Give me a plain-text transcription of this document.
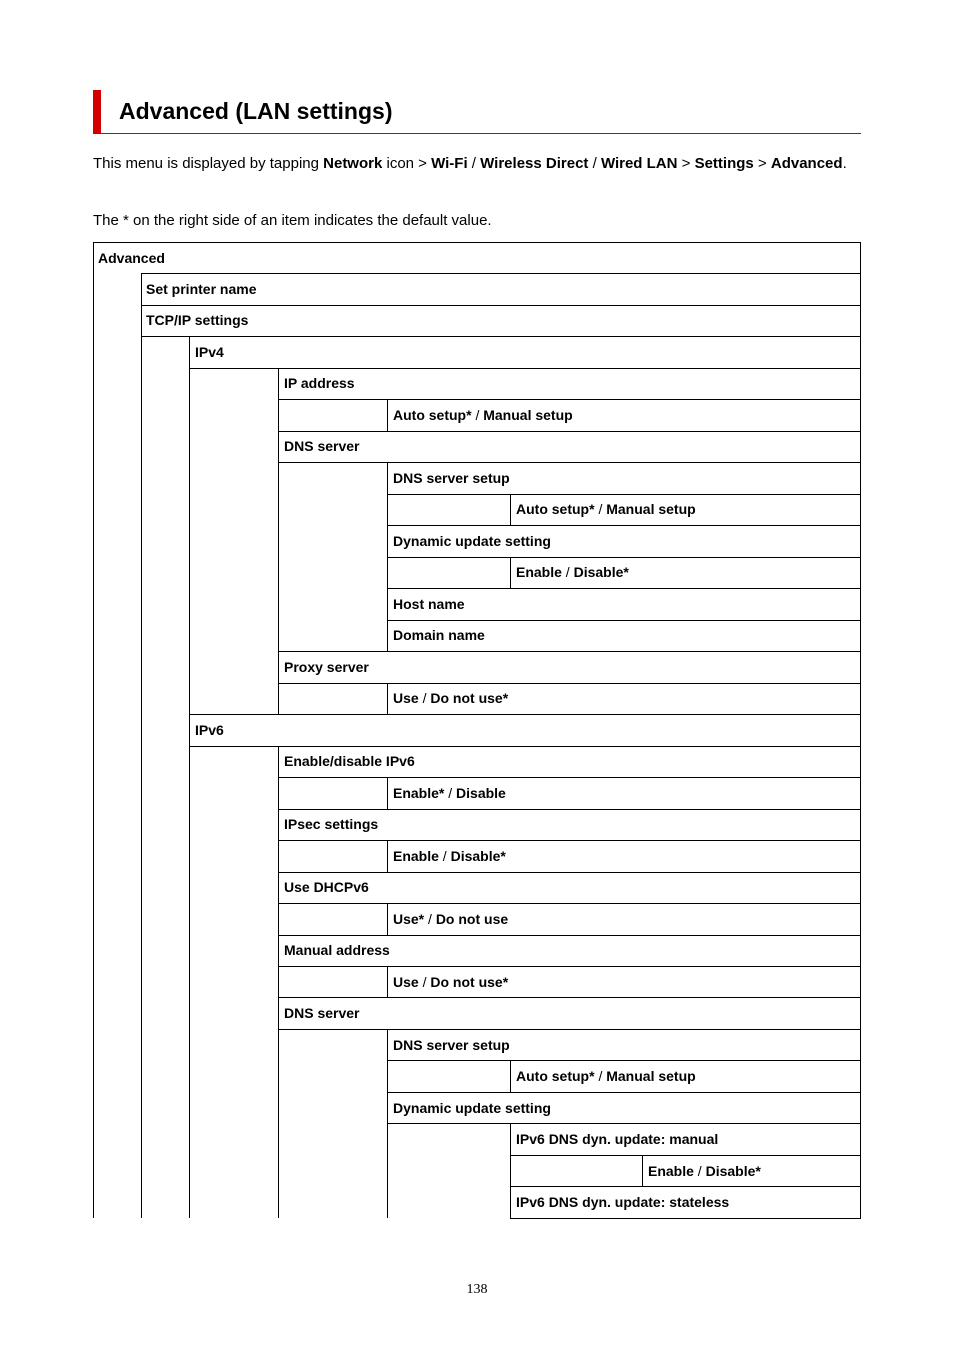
Advanced (LAN settings)

This menu is displayed by tapping Network icon > Wi-Fi / Wireless Direct / Wired LAN > Settings > Advanced.

The * on the right side of an item indicates the default value.

Advanced
Set printer name
TCP/IP settings
IPv4
IP address
Auto setup* / Manual setup
DNS server
DNS server setup
Auto setup* / Manual setup
Dynamic update setting
Enable / Disable*
Host name
Domain name
Proxy server
Use / Do not use*
IPv6
Enable/disable IPv6
Enable* / Disable
IPsec settings
Enable / Disable*
Use DHCPv6
Use* / Do not use
Manual address
Use / Do not use*
DNS server
DNS server setup
Auto setup* / Manual setup
Dynamic update setting
IPv6 DNS dyn. update: manual
Enable / Disable*
IPv6 DNS dyn. update: stateless
138
